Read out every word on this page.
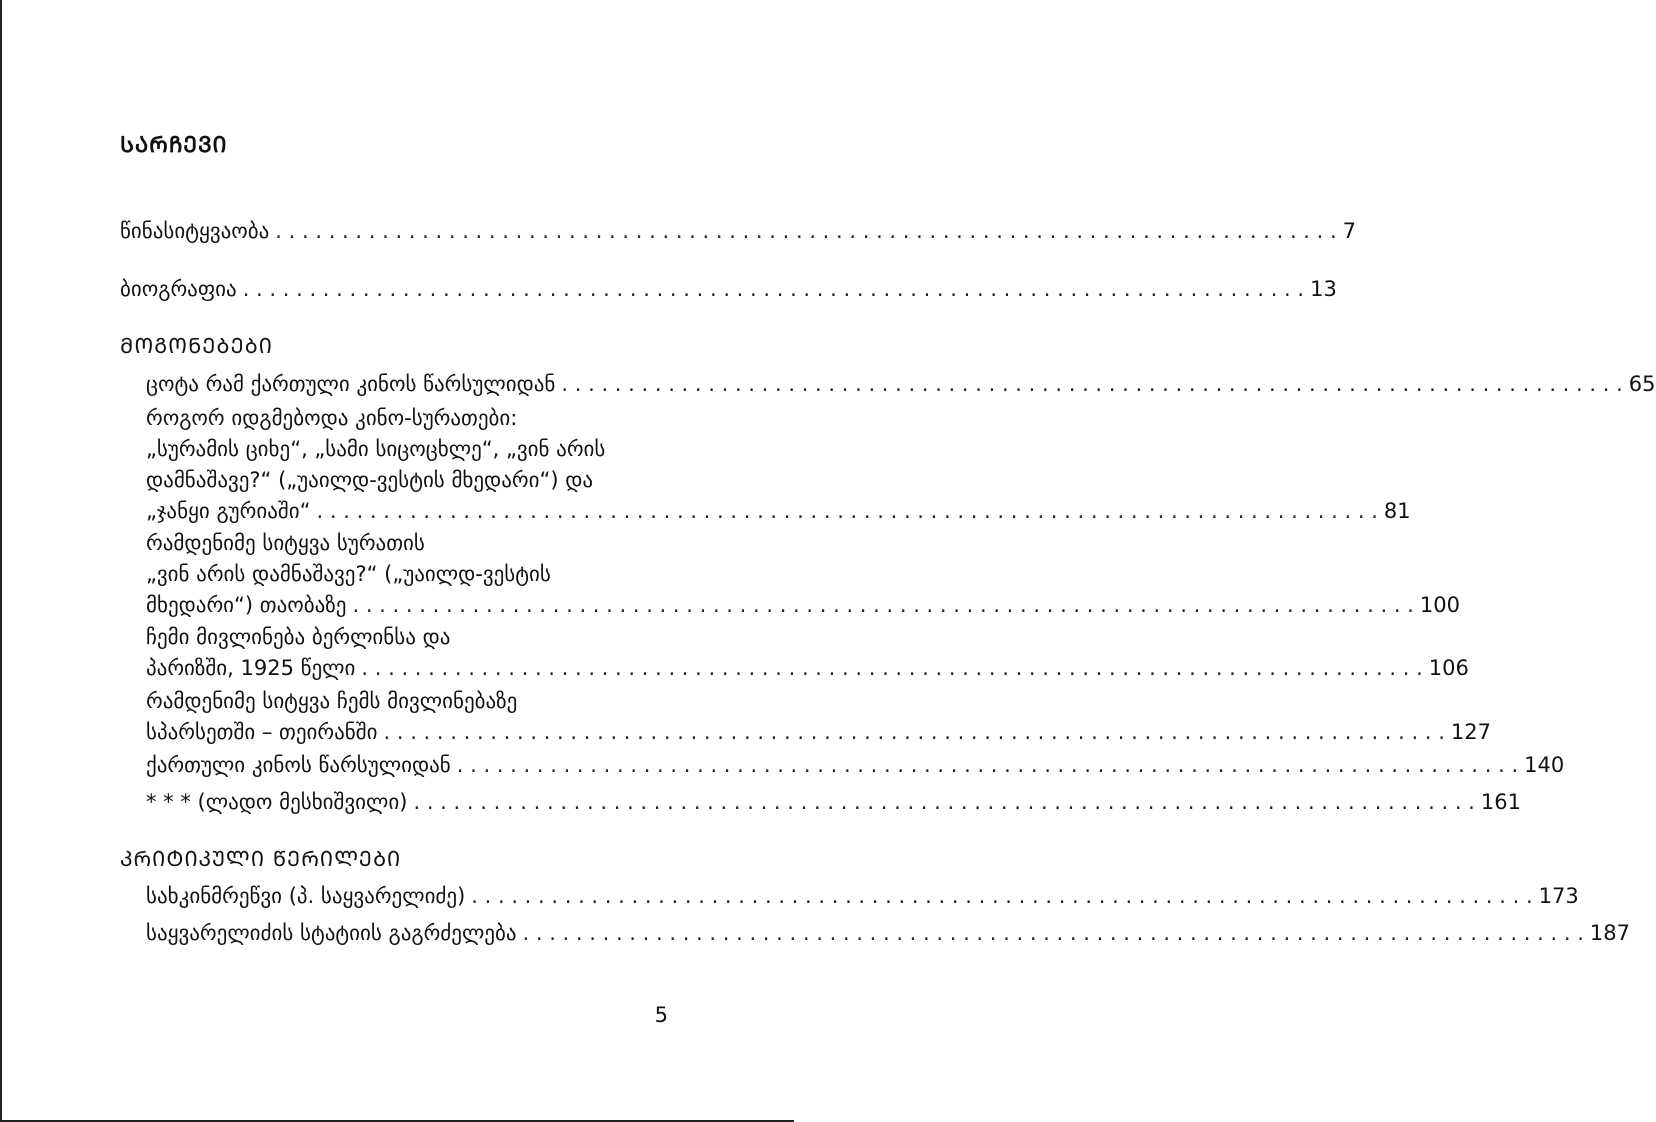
ᲡᲐᲠᲩᲔᲕᲘ
წინასიტყვაობა . . .	7
ბიოგრაფია . . .	13
ᲛᲝᲒᲝᲜᲔᲑᲔᲑᲘ
ცოტა რამ ქართული კინოს წარსულიდან . . .	65
როგორ იდგმებოდა კინო-სურათები:
„სურამის ციხე“, „სამი სიცოცხლე“, „ვინ არის
დამნაშავე?“ („უაილდ-ვესტის მხედარი“) და
„ჯანყი გურიაში“ . . .	81
რამდენიმე სიტყვა სურათის
„ვინ არის დამნაშავე?“ („უაილდ-ვესტის
მხედარი“) თაობაზე . . .	100
ჩემი მივლინება ბერლინსა და
პარიზში, 1925 წელი . . .	106
რამდენიმე სიტყვა ჩემს მივლინებაზე
სპარსეთში – თეირანში . . .	127
ქართული კინოს წარსულიდან . . .	140
* * * (ლადო მესხიშვილი) . . .	161
ᲙᲠᲘᲢᲘᲙᲣᲚᲘ ᲬᲔᲠᲘᲚᲔᲑᲘ
სახკინმრეწვი (პ. საყვარელიძე) . . .	173
საყვარელიძის სტატიის გაგრძელება . . .	187
5
